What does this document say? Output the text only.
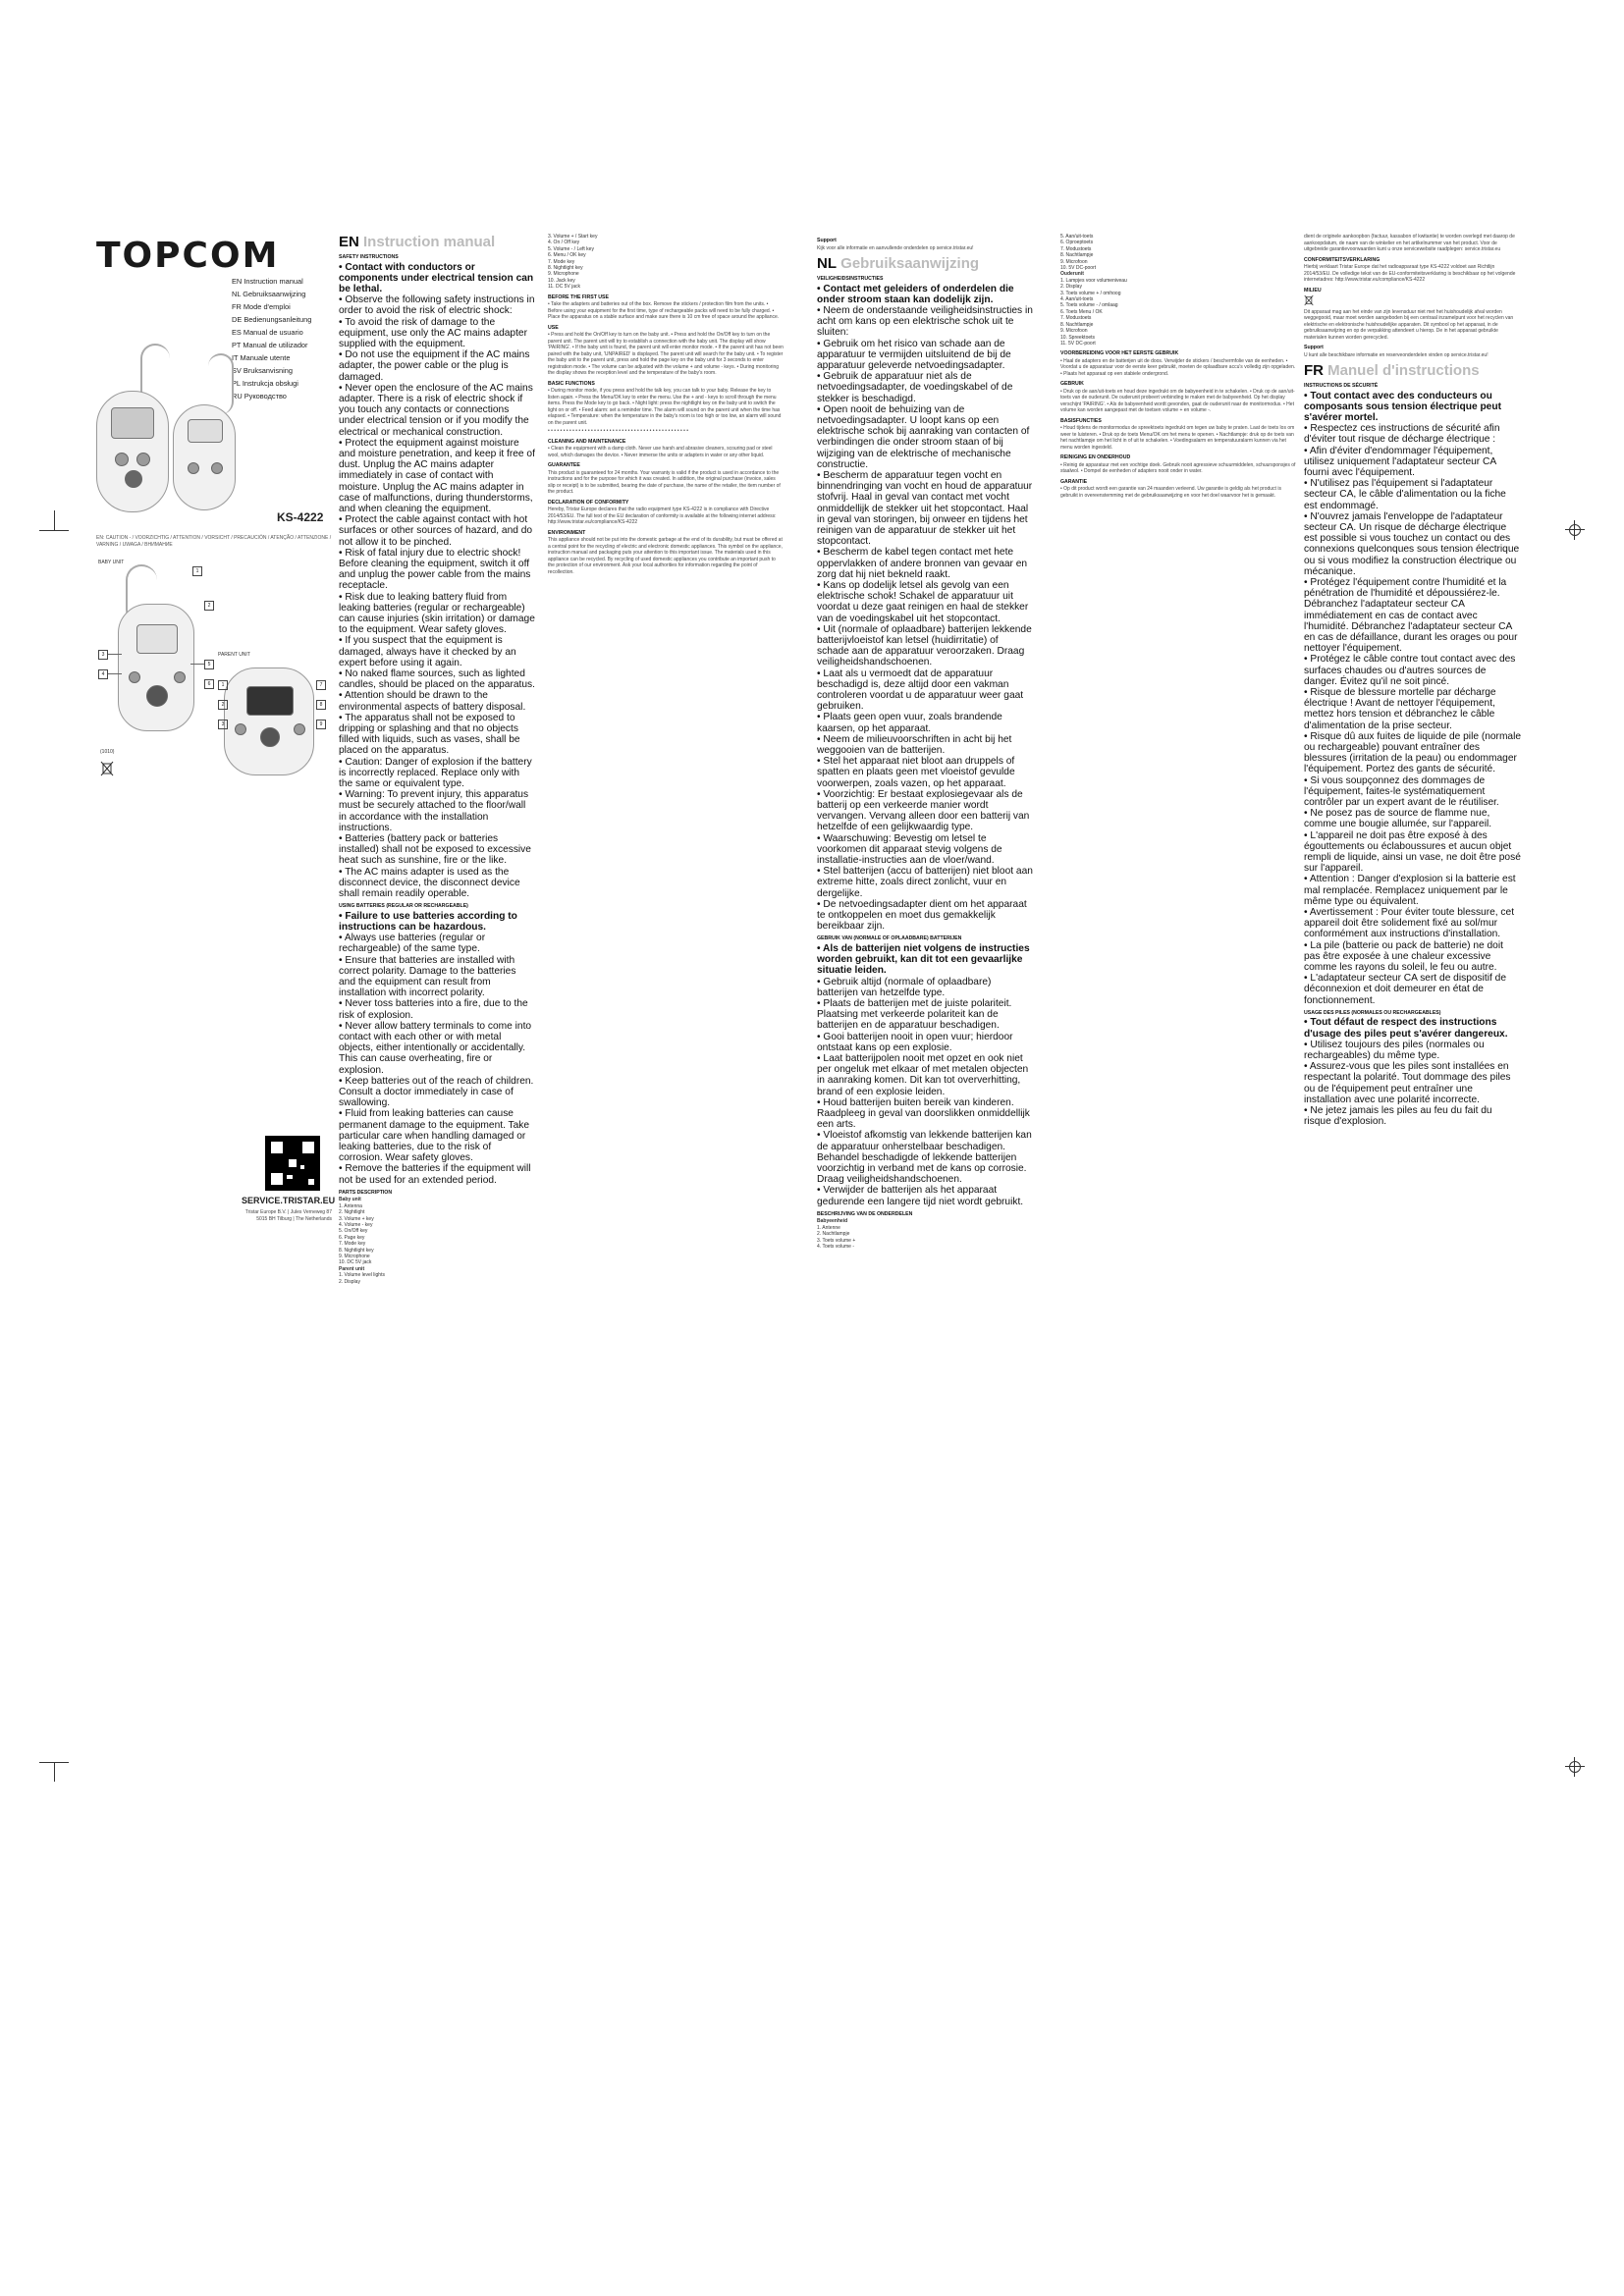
TOPCOM
EN Instruction manual
NL Gebruiksaanwijzing
FR Mode d'emploi
DE Bedienungsanleitung
ES Manual de usuario
PT Manual de utilizador
IT Manuale utente
SV Bruksanvisning
PL Instrukcja obsługi
RU Руководство
KS-4222
EN: CAUTION - / VOORZICHTIG / ATTENTION / VORSICHT / PRECAUCIÓN / ATENÇÃO / ATTENZIONE / VARNING / UWAGA / ВНИМАНИЕ
BABY UNIT
1
2
3
4
5
6
PARENT UNIT
1
2
3
7
8
9
(1010)
SERVICE.TRISTAR.EU
Tristar Europe B.V. | Jules Verneweg 87 5015 BH Tilburg | The Netherlands
EN Instruction manual
SAFETY INSTRUCTIONS

• Contact with conductors or components under electrical tension can be lethal.

• Observe the following safety instructions in order to avoid the risk of electric shock:

• To avoid the risk of damage to the equipment, use only the AC mains adapter supplied with the equipment.

• Do not use the equipment if the AC mains adapter, the power cable or the plug is damaged.

• Never open the enclosure of the AC mains adapter. There is a risk of electric shock if you touch any contacts or connections under electrical tension or if you modify the electrical or mechanical construction.

• Protect the equipment against moisture and moisture penetration, and keep it free of dust. Unplug the AC mains adapter immediately in case of contact with moisture. Unplug the AC mains adapter in case of malfunctions, during thunderstorms, and when cleaning the equipment.

• Protect the cable against contact with hot surfaces or other sources of hazard, and do not allow it to be pinched.

• Risk of fatal injury due to electric shock! Before cleaning the equipment, switch it off and unplug the power cable from the mains receptacle.

• Risk due to leaking battery fluid from leaking batteries (regular or rechargeable) can cause injuries (skin irritation) or damage to the equipment. Wear safety gloves.

• If you suspect that the equipment is damaged, always have it checked by an expert before using it again.

• No naked flame sources, such as lighted candles, should be placed on the apparatus.

• Attention should be drawn to the environmental aspects of battery disposal.

• The apparatus shall not be exposed to dripping or splashing and that no objects filled with liquids, such as vases, shall be placed on the apparatus.

• Caution: Danger of explosion if the battery is incorrectly replaced. Replace only with the same or equivalent type.

• Warning: To prevent injury, this apparatus must be securely attached to the floor/wall in accordance with the installation instructions.

• Batteries (battery pack or batteries installed) shall not be exposed to excessive heat such as sunshine, fire or the like.

• The AC mains adapter is used as the disconnect device, the disconnect device shall remain readily operable.

USING BATTERIES (REGULAR OR RECHARGEABLE)

• Failure to use batteries according to instructions can be hazardous.

• Always use batteries (regular or rechargeable) of the same type.

• Ensure that batteries are installed with correct polarity. Damage to the batteries and the equipment can result from installation with incorrect polarity.

• Never toss batteries into a fire, due to the risk of explosion.

• Never allow battery terminals to come into contact with each other or with metal objects, either intentionally or accidentally. This can cause overheating, fire or explosion.

• Keep batteries out of the reach of children. Consult a doctor immediately in case of swallowing.

• Fluid from leaking batteries can cause permanent damage to the equipment. Take particular care when handling damaged or leaking batteries, due to the risk of corrosion. Wear safety gloves.

• Remove the batteries if the equipment will not be used for an extended period.

PARTS DESCRIPTION
Baby unit
1. Antenna
2. Nightlight
3. Volume + key
4. Volume - key
5. On/Off key
6. Page key
7. Mode key
8. Nightlight key
9. Microphone
10. DC 5V jack
Parent unit
1. Volume level lights
2. Display
3. Volume + / Start key
4. On / Off key
5. Volume - / Left key
6. Menu / OK key
7. Mode key
8. Nightlight key
9. Microphone
10. Jack key
11. DC 5V jack
BEFORE THE FIRST USE
• Take the adapters and batteries out of the box. Remove the stickers / protection film from the units. • Before using your equipment for the first time, type of rechargeable packs will need to be fully charged. • Place the apparatus on a stable surface and make sure there is 10 cm free of space around the appliance.
USE
• Press and hold the On/Off key to turn on the baby unit. • Press and hold the On/Off key to turn on the parent unit. The parent unit will try to establish a connection with the baby unit. The display will show 'PAIRING'. • If the baby unit is found, the parent unit will enter monitor mode. • If the parent unit has not been paired with the baby unit, 'UNPAIRED' is displayed. The parent unit will search for the baby unit. • To register the baby unit to the parent unit, press and hold the page key on the baby unit for 3 seconds to enter registration mode. • The volume can be adjusted with the volume + and volume - keys. • During monitoring the display shows the reception level and the temperature of the baby's room.
BASIC FUNCTIONS
• During monitor mode, if you press and hold the talk key, you can talk to your baby. Release the key to listen again. • Press the Menu/OK key to enter the menu. Use the + and - keys to scroll through the menu items. Press the Mode key to go back. • Night light: press the nightlight key on the baby unit to switch the light on or off. • Feed alarm: set a reminder time. The alarm will sound on the parent unit when the time has elapsed. • Temperature: when the temperature in the baby's room is too high or too low, an alarm will sound on the parent unit.
• • • • • • • • • • • • • • • • • • • • • • • • • • • • • • • • • • • • • • • • • • • • • •
CLEANING AND MAINTENANCE
• Clean the equipment with a damp cloth. Never use harsh and abrasive cleaners, scouring pad or steel wool, which damages the device. • Never immerse the units or adapters in water or any other liquid.
GUARANTEE
This product is guaranteed for 24 months. Your warranty is valid if the product is used in accordance to the instructions and for the purpose for which it was created. In addition, the original purchase (invoice, sales slip or receipt) is to be submitted, bearing the date of purchase, the name of the retailer, the item number of the product.
DECLARATION OF CONFORMITY
Hereby, Tristar Europe declares that the radio equipment type KS-4222 is in compliance with Directive 2014/53/EU. The full text of the EU declaration of conformity is available at the following internet address: http://www.tristar.eu/compliance/KS-4222
ENVIRONMENT
This appliance should not be put into the domestic garbage at the end of its durability, but must be offered at a central point for the recycling of electric and electronic domestic appliances. This symbol on the appliance, instruction manual and packaging puts your attention to this important issue. The materials used in this appliance can be recycled. By recycling of used domestic appliances you contribute an important push to the protection of our environment. Ask your local authorities for information regarding the point of recollection.
Support
Kijk voor alle informatie en aanvullende onderdelen op service.tristar.eu!
NL Gebruiksaanwijzing
VEILIGHEIDSINSTRUCTIES

• Contact met geleiders of onderdelen die onder stroom staan kan dodelijk zijn.

• Neem de onderstaande veiligheidsinstructies in acht om kans op een elektrische schok uit te sluiten:

• Gebruik om het risico van schade aan de apparatuur te vermijden uitsluitend de bij de apparatuur geleverde netvoedingsadapter.

• Gebruik de apparatuur niet als de netvoedingsadapter, de voedingskabel of de stekker is beschadigd.

• Open nooit de behuizing van de netvoedingsadapter. U loopt kans op een elektrische schok bij aanraking van contacten of verbindingen die onder stroom staan of bij wijziging van de elektrische of mechanische constructie.

• Bescherm de apparatuur tegen vocht en binnendringing van vocht en houd de apparatuur stofvrij. Haal in geval van contact met vocht onmiddellijk de stekker uit het stopcontact. Haal in geval van storingen, bij onweer en tijdens het reinigen van de apparatuur de stekker uit het stopcontact.

• Bescherm de kabel tegen contact met hete oppervlakken of andere bronnen van gevaar en zorg dat hij niet bekneld raakt.

• Kans op dodelijk letsel als gevolg van een elektrische schok! Schakel de apparatuur uit voordat u deze gaat reinigen en haal de stekker van de voedingskabel uit het stopcontact.

• Uit (normale of oplaadbare) batterijen lekkende batterijvloeistof kan letsel (huidirritatie) of schade aan de apparatuur veroorzaken. Draag veiligheidshandschoenen.

• Laat als u vermoedt dat de apparatuur beschadigd is, deze altijd door een vakman controleren voordat u de apparatuur weer gaat gebruiken.

• Plaats geen open vuur, zoals brandende kaarsen, op het apparaat.

• Neem de milieuvoorschriften in acht bij het weggooien van de batterijen.

• Stel het apparaat niet bloot aan druppels of spatten en plaats geen met vloeistof gevulde voorwerpen, zoals vazen, op het apparaat.

• Voorzichtig: Er bestaat explosiegevaar als de batterij op een verkeerde manier wordt vervangen. Vervang alleen door een batterij van hetzelfde of een gelijkwaardig type.

• Waarschuwing: Bevestig om letsel te voorkomen dit apparaat stevig volgens de installatie-instructies aan de vloer/wand.

• Stel batterijen (accu of batterijen) niet bloot aan extreme hitte, zoals direct zonlicht, vuur en dergelijke.

• De netvoedingsadapter dient om het apparaat te ontkoppelen en moet dus gemakkelijk bereikbaar zijn.

GEBRUIK VAN (NORMALE OF OPLAADBARE) BATTERIJEN

• Als de batterijen niet volgens de instructies worden gebruikt, kan dit tot een gevaarlijke situatie leiden.

• Gebruik altijd (normale of oplaadbare) batterijen van hetzelfde type.

• Plaats de batterijen met de juiste polariteit. Plaatsing met verkeerde polariteit kan de batterijen en de apparatuur beschadigen.

• Gooi batterijen nooit in open vuur; hierdoor ontstaat kans op een explosie.

• Laat batterijpolen nooit met opzet en ook niet per ongeluk met elkaar of met metalen objecten in aanraking komen. Dit kan tot oververhitting, brand of een explosie leiden.

• Houd batterijen buiten bereik van kinderen. Raadpleeg in geval van doorslikken onmiddellijk een arts.

• Vloeistof afkomstig van lekkende batterijen kan de apparatuur onherstelbaar beschadigen. Behandel beschadigde of lekkende batterijen voorzichtig in verband met de kans op corrosie. Draag veiligheidshandschoenen.

• Verwijder de batterijen als het apparaat gedurende een langere tijd niet wordt gebruikt.

BESCHRIJVING VAN DE ONDERDELEN
Babyeenheid
1. Antenne
2. Nachtlampje
3. Toets volume +
4. Toets volume -
5. Aan/uit-toets
6. Oproeptoets
7. Modustoets
8. Nachtlampje
9. Microfoon
10. 5V DC-poort
Ouderunit
1. Lampjes voor volumeniveau
2. Display
3. Toets volume + / omhoog
4. Aan/uit-toets
5. Toets volume - / omlaag
6. Toets Menu / OK
7. Modustoets
8. Nachtlampje
9. Microfoon
10. Spreektoets
11. 5V DC-poort
VOORBEREIDING VOOR HET EERSTE GEBRUIK
• Haal de adapters en de batterijen uit de doos. Verwijder de stickers / beschermfolie van de eenheden. • Voordat u de apparatuur voor de eerste keer gebruikt, moeten de oplaadbare accu's volledig zijn opgeladen. • Plaats het apparaat op een stabiele ondergrond.
GEBRUIK
• Druk op de aan/uit-toets en houd deze ingedrukt om de babyeenheid in te schakelen. • Druk op de aan/uit-toets van de ouderunit. De ouderunit probeert verbinding te maken met de babyeenheid. Op het display verschijnt 'PAIRING'. • Als de babyeenheid wordt gevonden, gaat de ouderunit naar de monitormodus. • Het volume kan worden aangepast met de toetsen volume + en volume -.
BASISFUNCTIES
• Houd tijdens de monitormodus de spreektoets ingedrukt om tegen uw baby te praten. Laat de toets los om weer te luisteren. • Druk op de toets Menu/OK om het menu te openen. • Nachtlampje: druk op de toets van het nachtlampje om het licht in of uit te schakelen. • Voedingsalarm en temperatuuralarm kunnen via het menu worden ingesteld.
REINIGING EN ONDERHOUD
• Reinig de apparatuur met een vochtige doek. Gebruik nooit agressieve schuurmiddelen, schuursponsjes of staalwol. • Dompel de eenheden of adapters nooit onder in water.
GARANTIE
• Op dit product wordt een garantie van 24 maanden verleend. Uw garantie is geldig als het product is gebruikt in overeenstemming met de gebruiksaanwijzing en voor het doel waarvoor het is gemaakt.
dient de originele aankoopbon (factuur, kassabon of kwitantie) te worden overlegd met daarop de aankoopdatum, de naam van de winkelier en het artikelnummer van het product. Voor de uitgebreide garantievoorwaarden kunt u onze servicewebsite raadplegen: service.tristar.eu
CONFORMITEITSVERKLARING
Hierbij verklaart Tristar Europe dat het radioapparaat type KS-4222 voldoet aan Richtlijn 2014/53/EU. De volledige tekst van de EU-conformiteitsverklaring is beschikbaar op het volgende internetadres: http://www.tristar.eu/compliance/KS-4222
MILIEU
Dit apparaat mag aan het einde van zijn levensduur niet met het huishoudelijk afval worden weggegooid, maar moet worden aangeboden bij een centraal inzamelpunt voor het recyclen van elektrische en elektronische huishoudelijke apparaten. Dit symbool op het apparaat, in de gebruiksaanwijzing en op de verpakking attendeert u hierop. De in het apparaat gebruikte materialen kunnen worden gerecycled.
Support
U kunt alle beschikbare informatie en reserveonderdelen vinden op service.tristar.eu!
FR Manuel d'instructions
INSTRUCTIONS DE SÉCURITÉ

• Tout contact avec des conducteurs ou composants sous tension électrique peut s'avérer mortel.

• Respectez ces instructions de sécurité afin d'éviter tout risque de décharge électrique :

• Afin d'éviter d'endommager l'équipement, utilisez uniquement l'adaptateur secteur CA fourni avec l'équipement.

• N'utilisez pas l'équipement si l'adaptateur secteur CA, le câble d'alimentation ou la fiche est endommagé.

• N'ouvrez jamais l'enveloppe de l'adaptateur secteur CA. Un risque de décharge électrique est possible si vous touchez un contact ou des connexions quelconques sous tension électrique ou si vous modifiez la construction électrique ou mécanique.

• Protégez l'équipement contre l'humidité et la pénétration de l'humidité et dépoussiérez-le. Débranchez l'adaptateur secteur CA immédiatement en cas de contact avec l'humidité. Débranchez l'adaptateur secteur CA en cas de défaillance, durant les orages ou pour nettoyer l'équipement.

• Protégez le câble contre tout contact avec des surfaces chaudes ou d'autres sources de danger. Évitez qu'il ne soit pincé.

• Risque de blessure mortelle par décharge électrique ! Avant de nettoyer l'équipement, mettez hors tension et débranchez le câble d'alimentation de la prise secteur.

• Risque dû aux fuites de liquide de pile (normale ou rechargeable) pouvant entraîner des blessures (irritation de la peau) ou endommager l'équipement. Portez des gants de sécurité.

• Si vous soupçonnez des dommages de l'équipement, faites-le systématiquement contrôler par un expert avant de le réutiliser.

• Ne posez pas de source de flamme nue, comme une bougie allumée, sur l'appareil.

• L'appareil ne doit pas être exposé à des égouttements ou éclaboussures et aucun objet rempli de liquide, ainsi un vase, ne doit être posé sur l'appareil.

• Attention : Danger d'explosion si la batterie est mal remplacée. Remplacez uniquement par le même type ou équivalent.

• Avertissement : Pour éviter toute blessure, cet appareil doit être solidement fixé au sol/mur conformément aux instructions d'installation.

• La pile (batterie ou pack de batterie) ne doit pas être exposée à une chaleur excessive comme les rayons du soleil, le feu ou autre.

• L'adaptateur secteur CA sert de dispositif de déconnexion et doit demeurer en état de fonctionnement.

USAGE DES PILES (NORMALES OU RECHARGEABLES)

• Tout défaut de respect des instructions d'usage des piles peut s'avérer dangereux.

• Utilisez toujours des piles (normales ou rechargeables) du même type.

• Assurez-vous que les piles sont installées en respectant la polarité. Tout dommage des piles ou de l'équipement peut entraîner une installation avec une polarité incorrecte.

• Ne jetez jamais les piles au feu du fait du risque d'explosion.
